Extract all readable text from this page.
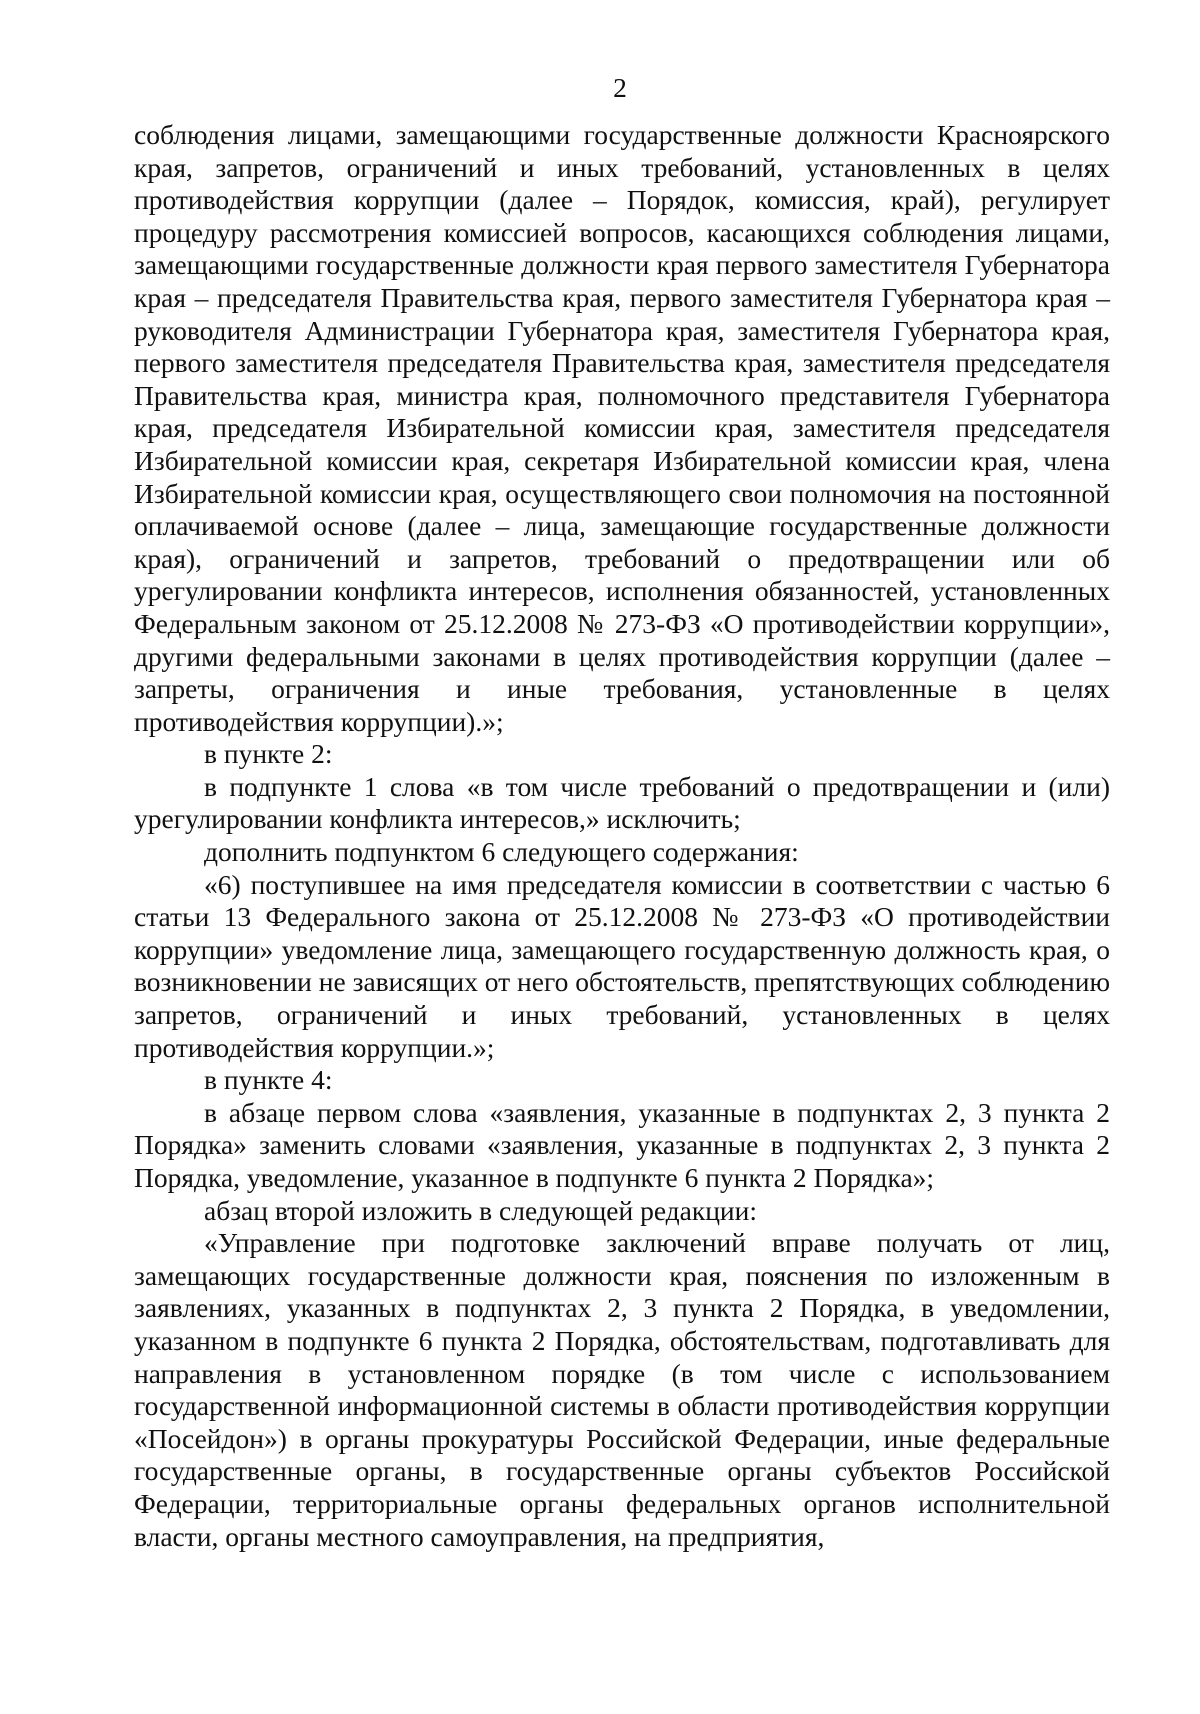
2

соблюдения лицами, замещающими государственные должности Красноярского края, запретов, ограничений и иных требований, установленных в целях противодействия коррупции (далее – Порядок, комиссия, край), регулирует процедуру рассмотрения комиссией вопросов, касающихся соблюдения лицами, замещающими государственные должности края первого заместителя Губернатора края – председателя Правительства края, первого заместителя Губернатора края – руководителя Администрации Губернатора края, заместителя Губернатора края, первого заместителя председателя Правительства края, заместителя председателя Правительства края, министра края, полномочного представителя Губернатора края, председателя Избирательной комиссии края, заместителя председателя Избирательной комиссии края, секретаря Избирательной комиссии края, члена Избирательной комиссии края, осуществляющего свои полномочия на постоянной оплачиваемой основе (далее – лица, замещающие государственные должности края), ограничений и запретов, требований о предотвращении или об урегулировании конфликта интересов, исполнения обязанностей, установленных Федеральным законом от 25.12.2008 № 273-ФЗ «О противодействии коррупции», другими федеральными законами в целях противодействия коррупции (далее – запреты, ограничения и иные требования, установленные в целях противодействия коррупции).»;

в пункте 2:

в подпункте 1 слова «в том числе требований о предотвращении и (или) урегулировании конфликта интересов,» исключить;

дополнить подпунктом 6 следующего содержания:

«6) поступившее на имя председателя комиссии в соответствии с частью 6 статьи 13 Федерального закона от 25.12.2008 № 273-ФЗ «О противодействии коррупции» уведомление лица, замещающего государственную должность края, о возникновении не зависящих от него обстоятельств, препятствующих соблюдению запретов, ограничений и иных требований, установленных в целях противодействия коррупции.»;

в пункте 4:

в абзаце первом слова «заявления, указанные в подпунктах 2, 3 пункта 2 Порядка» заменить словами «заявления, указанные в подпунктах 2, 3 пункта 2 Порядка, уведомление, указанное в подпункте 6 пункта 2 Порядка»;

абзац второй изложить в следующей редакции:

«Управление при подготовке заключений вправе получать от лиц, замещающих государственные должности края, пояснения по изложенным в заявлениях, указанных в подпунктах 2, 3 пункта 2 Порядка, в уведомлении, указанном в подпункте 6 пункта 2 Порядка, обстоятельствам, подготавливать для направления в установленном порядке (в том числе с использованием государственной информационной системы в области противодействия коррупции «Посейдон») в органы прокуратуры Российской Федерации, иные федеральные государственные органы, в государственные органы субъектов Российской Федерации, территориальные органы федеральных органов исполнительной власти, органы местного самоуправления, на предприятия,
